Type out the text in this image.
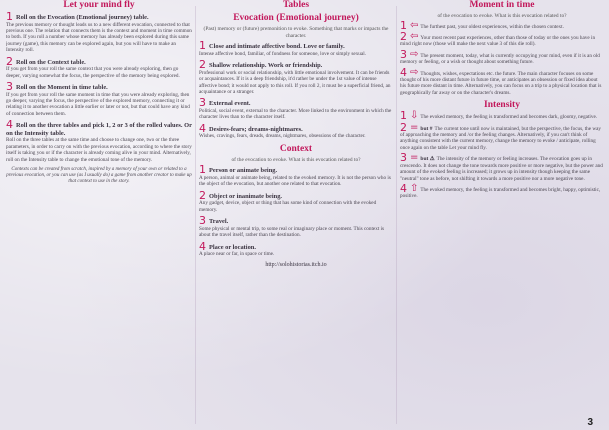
Let your mind fly
1 Roll on the Evocation (Emotional journey) table.
The previous memory or thought leads us to a new different evocation, connected to that previous one. The relation that connects them is the context and moment in time common to both. If you roll a number whose memory has already been explored during this same journey (game), this memory can be explored again, but you will have to make an Intensity roll.
2 Roll on the Context table.
If you get from your roll the same context that you were already exploring, then go deeper, varying somewhat the focus, the perspective of the memory being explored.
3 Roll on the Moment in time table.
If you get from your roll the same moment in time that you were already exploring, then go deeper, varying the focus, the perspective of the explored memory, connecting it or relating it to another evocation a little earlier or later or not, but that could have any kind of connection between them.
4 Roll on the three tables and pick 1, 2 or 3 of the rolled values. Or on the Intensity table.
Roll on the three tables at the same time and choose to change one, two or the three parameters, in order to carry on with the previous evocation, according to where the story itself is taking you or if the character is already coming alive in your mind. Alternatively, roll on the Intensity table to change the emotional tone of the memory.
Contexts can be created from scratch, inspired by a memory of your own or related to a previous evocation, or you can use (as I usually do) a game from another creator to make up that context to use in the story.
Tables
Evocation (Emotional journey)
(Past) memory or (future) premonition to evoke. Something that marks or impacts the character.
1 Close and intimate affective bond. Love or family.
Intense affective bond, familiar, of fondness for someone, love or simply sexual.
2 Shallow relationship. Work or friendship.
Professional work or social relationship, with little emotional involvement. It can be friends or acquaintances. If it is a deep friendship, it'd rather be under the 1st value of intense affective bond; it would not apply to this roll. If you roll 2, it must be a superficial friend, an acquaintance or a stranger.
3 External event.
Political, social event, external to the character. More linked to the environment in which the character lives than to the character itself.
4 Desires-fears; dreams-nightmares.
Wishes, cravings, fears, dreads, dreams, nightmares, obsessions of the character.
Context
of the evocation to evoke. What is this evocation related to?
1 Person or animate being.
A person, animal or animate being, related to the evoked memory. It is not the person who is the object of the evocation, but another one related to that evocation.
2 Object or inanimate being.
Any gadget, device, object or thing that has some kind of connection with the evoked memory.
3 Travel.
Some physical or mental trip, to some real or imaginary place or moment. This context is about the travel itself, rather than the destination.
4 Place or location.
A place near or far, in space or time.
http://solohistorias.itch.io
Moment in time
of the evocation to evoke. What is this evocation related to?
1 ⇦ The furthest past, your oldest experiences, within the chosen context.
2 ⇦ Your most recent past experiences, other than those of today or the ones you have in mind right now (those will make the next value 3 of this die roll).
3 ⇨ The present moment, today, what is currently occupying your mind, even if it is an old memory or feeling, or a wish or thought about something future.
4 ⇨ Thoughts, wishes, expectations etc. the future. The main character focuses on some thought of his more distant future in future time, or anticipates an obsession or fixed idea about his future more distant in time. Alternatively, you can focus on a trip to a physical location that is geographically far away or on the character's dreams.
Intensity
1 ⇩ The evoked memory, the feeling is transformed and becomes dark, gloomy, negative.
2 = but # The current tone until now is maintained, but the perspective, the focus, the way of approaching the memory and /or the feeling changes. Alternatively, if you can't think of anything consistent with the current memory, change the memory to evoke / anticipate, rolling once again on the table Let your mind fly.
3 = but ⚠ The intensity of the memory or feeling increases. The evocation goes up in crescendo. It does not change the tone towards more positive or more negative, but the power and amount of the evoked feeling is increased; it grows up in intensity though keeping the same "neutral" tone as before, not shifting it towards a more positive nor a more negative tone.
4 ⇧ The evoked memory, the feeling is transformed and becomes bright, happy, optimistic, positive.
3
